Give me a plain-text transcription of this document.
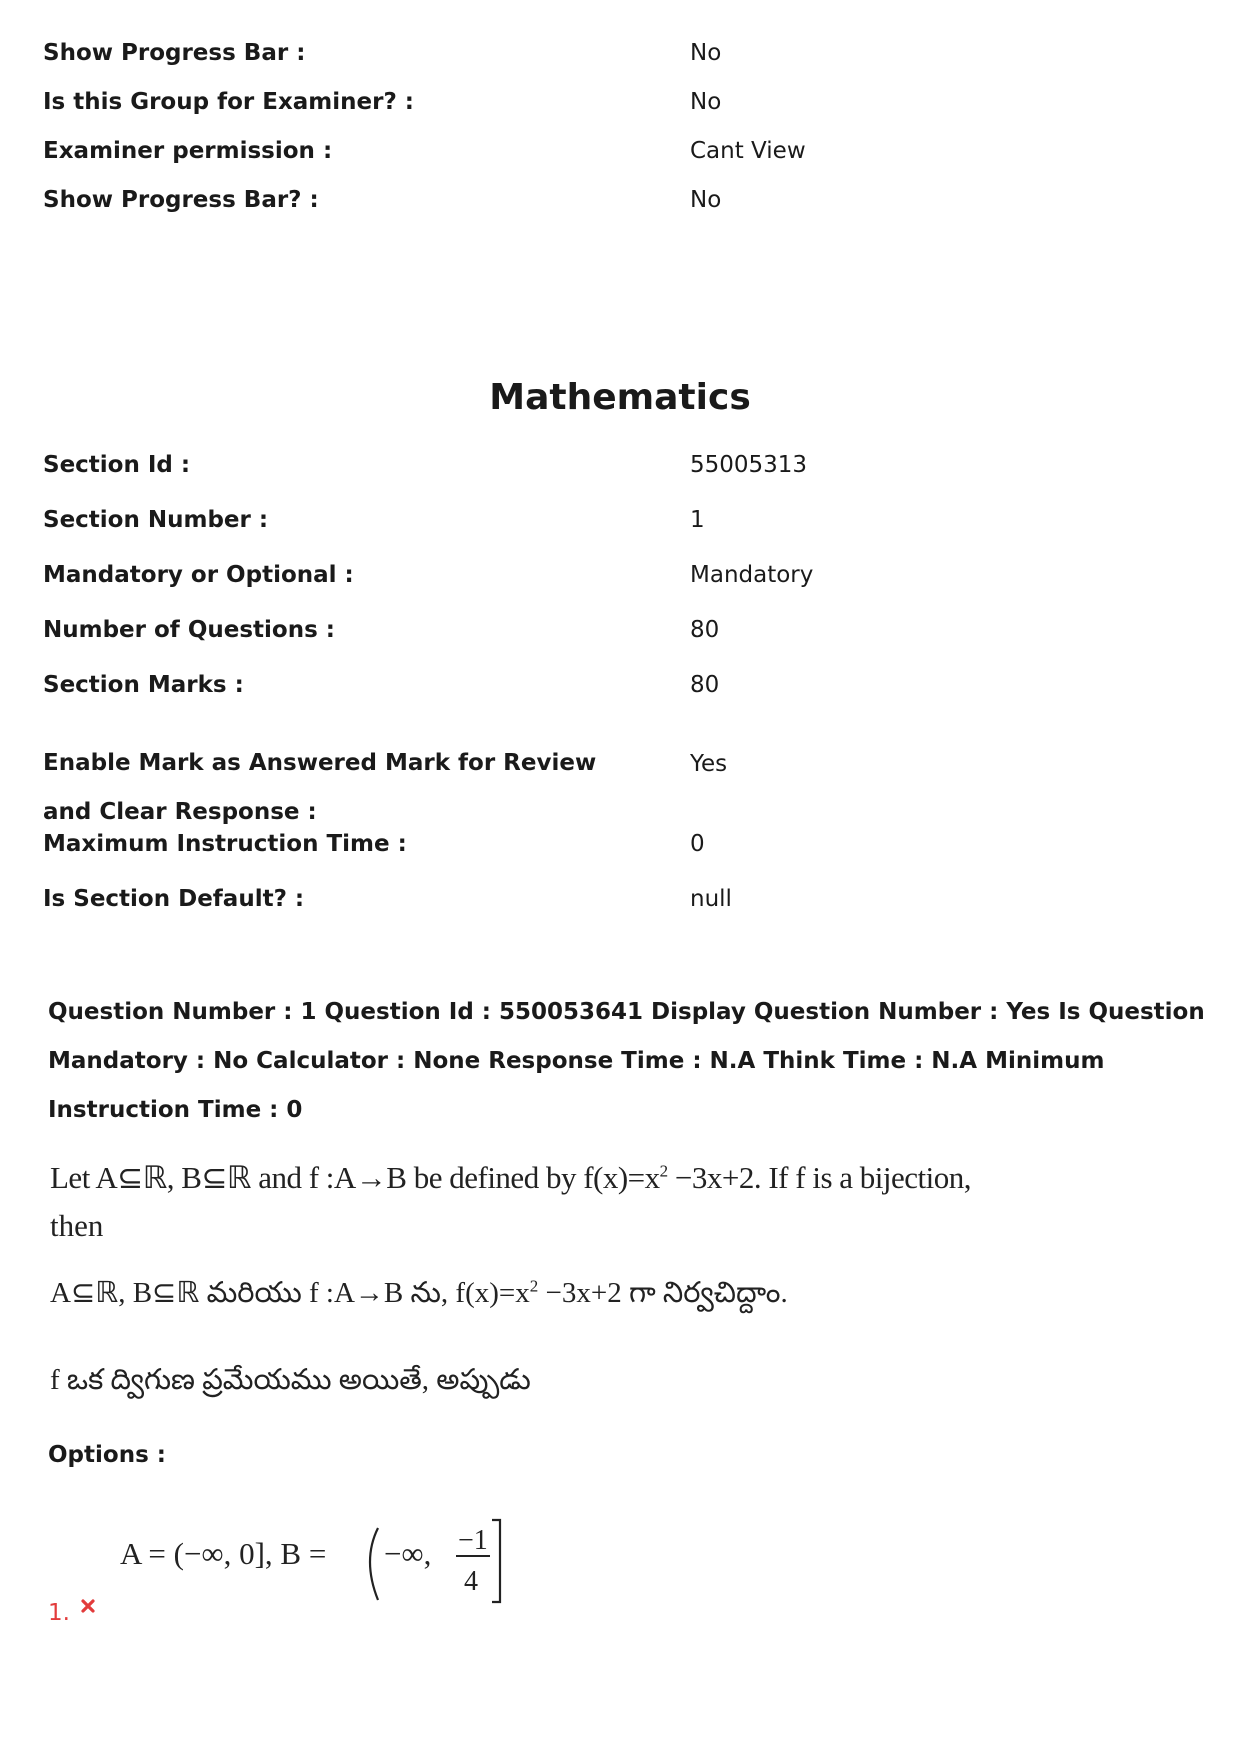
Show Progress Bar :	No
Is this Group for Examiner? :	No
Examiner permission :	Cant View
Show Progress Bar? :	No
Mathematics
Section Id :	55005313
Section Number :	1
Mandatory or Optional :	Mandatory
Number of Questions :	80
Section Marks :	80
Enable Mark as Answered Mark for Review and Clear Response :
Yes
Maximum Instruction Time :	0
Is Section Default? :	null
Question Number : 1 Question Id : 550053641 Display Question Number : Yes Is Question Mandatory : No Calculator : None Response Time : N.A Think Time : N.A Minimum Instruction Time : 0
Let A⊆ℝ, B⊆ℝ and f :A→B be defined by $f(x)=x^2 -3x+2$. If f is a bijection,
then
A⊆ℝ, B⊆ℝ మరియు f :A→B ను, $f(x)=x^2 -3x+2$ గా నిర్వచిద్దాం.
f ఒక ద్విగుణ ప్రమేయము అయితే, అప్పుడు
Options :
A = (−∞, 0], B = −∞, −1
4
1.
